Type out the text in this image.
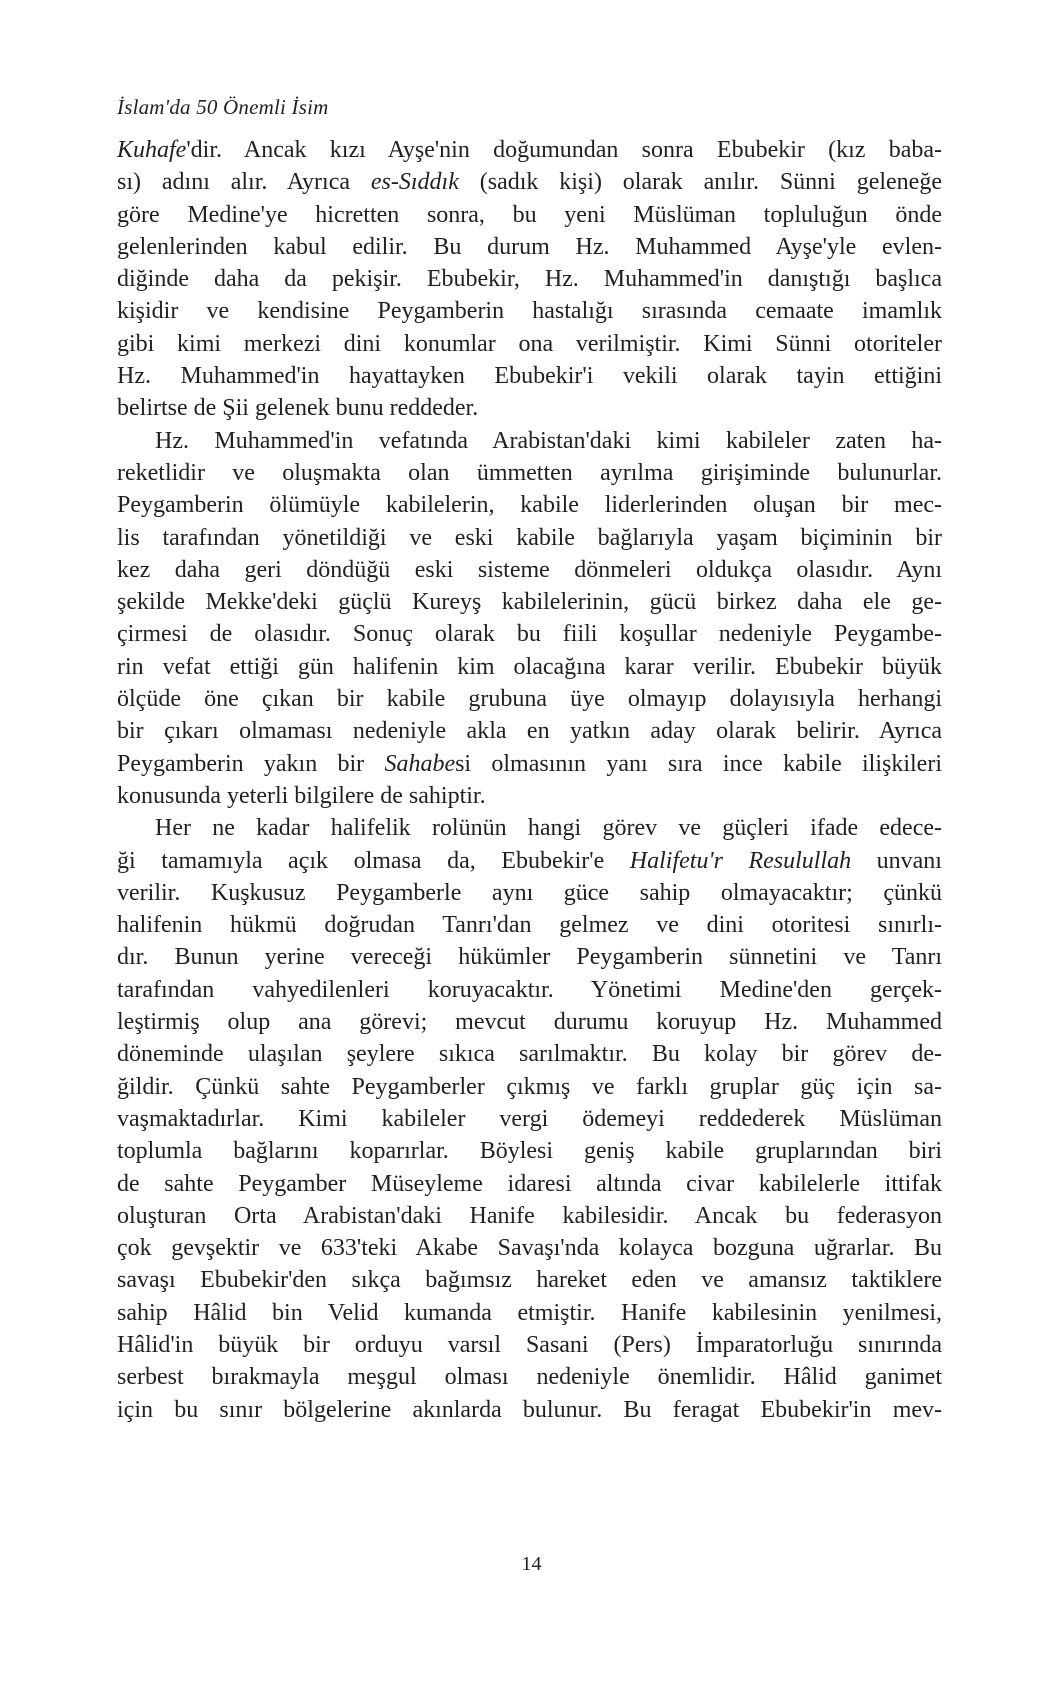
İslam'da 50 Önemli İsim
Kuhafe'dir. Ancak kızı Ayşe'nin doğumundan sonra Ebubekir (kız baba-
sı) adını alır. Ayrıca es-Sıddık (sadık kişi) olarak anılır. Sünni geleneğe
göre Medine'ye hicretten sonra, bu yeni Müslüman topluluğun önde
gelenlerinden kabul edilir. Bu durum Hz. Muhammed Ayşe'yle evlen-
diğinde daha da pekişir. Ebubekir, Hz. Muhammed'in danıştığı başlıca
kişidir ve kendisine Peygamberin hastalığı sırasında cemaate imamlık
gibi kimi merkezi dini konumlar ona verilmiştir. Kimi Sünni otoriteler
Hz. Muhammed'in hayattayken Ebubekir'i vekili olarak tayin ettiğini
belirtse de Şii gelenek bunu reddeder.
Hz. Muhammed'in vefatında Arabistan'daki kimi kabileler zaten ha-
reketlidir ve oluşmakta olan ümmetten ayrılma girişiminde bulunurlar.
Peygamberin ölümüyle kabilelerin, kabile liderlerinden oluşan bir mec-
lis tarafından yönetildiği ve eski kabile bağlarıyla yaşam biçiminin bir
kez daha geri döndüğü eski sisteme dönmeleri oldukça olasıdır. Aynı
şekilde Mekke'deki güçlü Kureyş kabilelerinin, gücü birkez daha ele ge-
çirmesi de olasıdır. Sonuç olarak bu fiili koşullar nedeniyle Peygambe-
rin vefat ettiği gün halifenin kim olacağına karar verilir. Ebubekir büyük
ölçüde öne çıkan bir kabile grubuna üye olmayıp dolayısıyla herhangi
bir çıkarı olmaması nedeniyle akla en yatkın aday olarak belirir. Ayrıca
Peygamberin yakın bir Sahabesi olmasının yanı sıra ince kabile ilişkileri
konusunda yeterli bilgilere de sahiptir.
Her ne kadar halifelik rolünün hangi görev ve güçleri ifade edece-
ği tamamıyla açık olmasa da, Ebubekir'e Halifetu'r Resulullah unvanı
verilir. Kuşkusuz Peygamberle aynı güce sahip olmayacaktır; çünkü
halifenin hükmü doğrudan Tanrı'dan gelmez ve dini otoritesi sınırlı-
dır. Bunun yerine vereceği hükümler Peygamberin sünnetini ve Tanrı
tarafından vahyedilenleri koruyacaktır. Yönetimi Medine'den gerçek-
leştirmiş olup ana görevi; mevcut durumu koruyup Hz. Muhammed
döneminde ulaşılan şeylere sıkıca sarılmaktır. Bu kolay bir görev de-
ğildir. Çünkü sahte Peygamberler çıkmış ve farklı gruplar güç için sa-
vaşmaktadırlar. Kimi kabileler vergi ödemeyi reddederek Müslüman
toplumla bağlarını koparırlar. Böylesi geniş kabile gruplarından biri
de sahte Peygamber Müseyleme idaresi altında civar kabilelerle ittifak
oluşturan Orta Arabistan'daki Hanife kabilesidir. Ancak bu federasyon
çok gevşektir ve 633'teki Akabe Savaşı'nda kolayca bozguna uğrarlar. Bu
savaşı Ebubekir'den sıkça bağımsız hareket eden ve amansız taktiklere
sahip Hâlid bin Velid kumanda etmiştir. Hanife kabilesinin yenilmesi,
Hâlid'in büyük bir orduyu varsıl Sasani (Pers) İmparatorluğu sınırında
serbest bırakmayla meşgul olması nedeniyle önemlidir. Hâlid ganimet
için bu sınır bölgelerine akınlarda bulunur. Bu feragat Ebubekir'in mev-
14
